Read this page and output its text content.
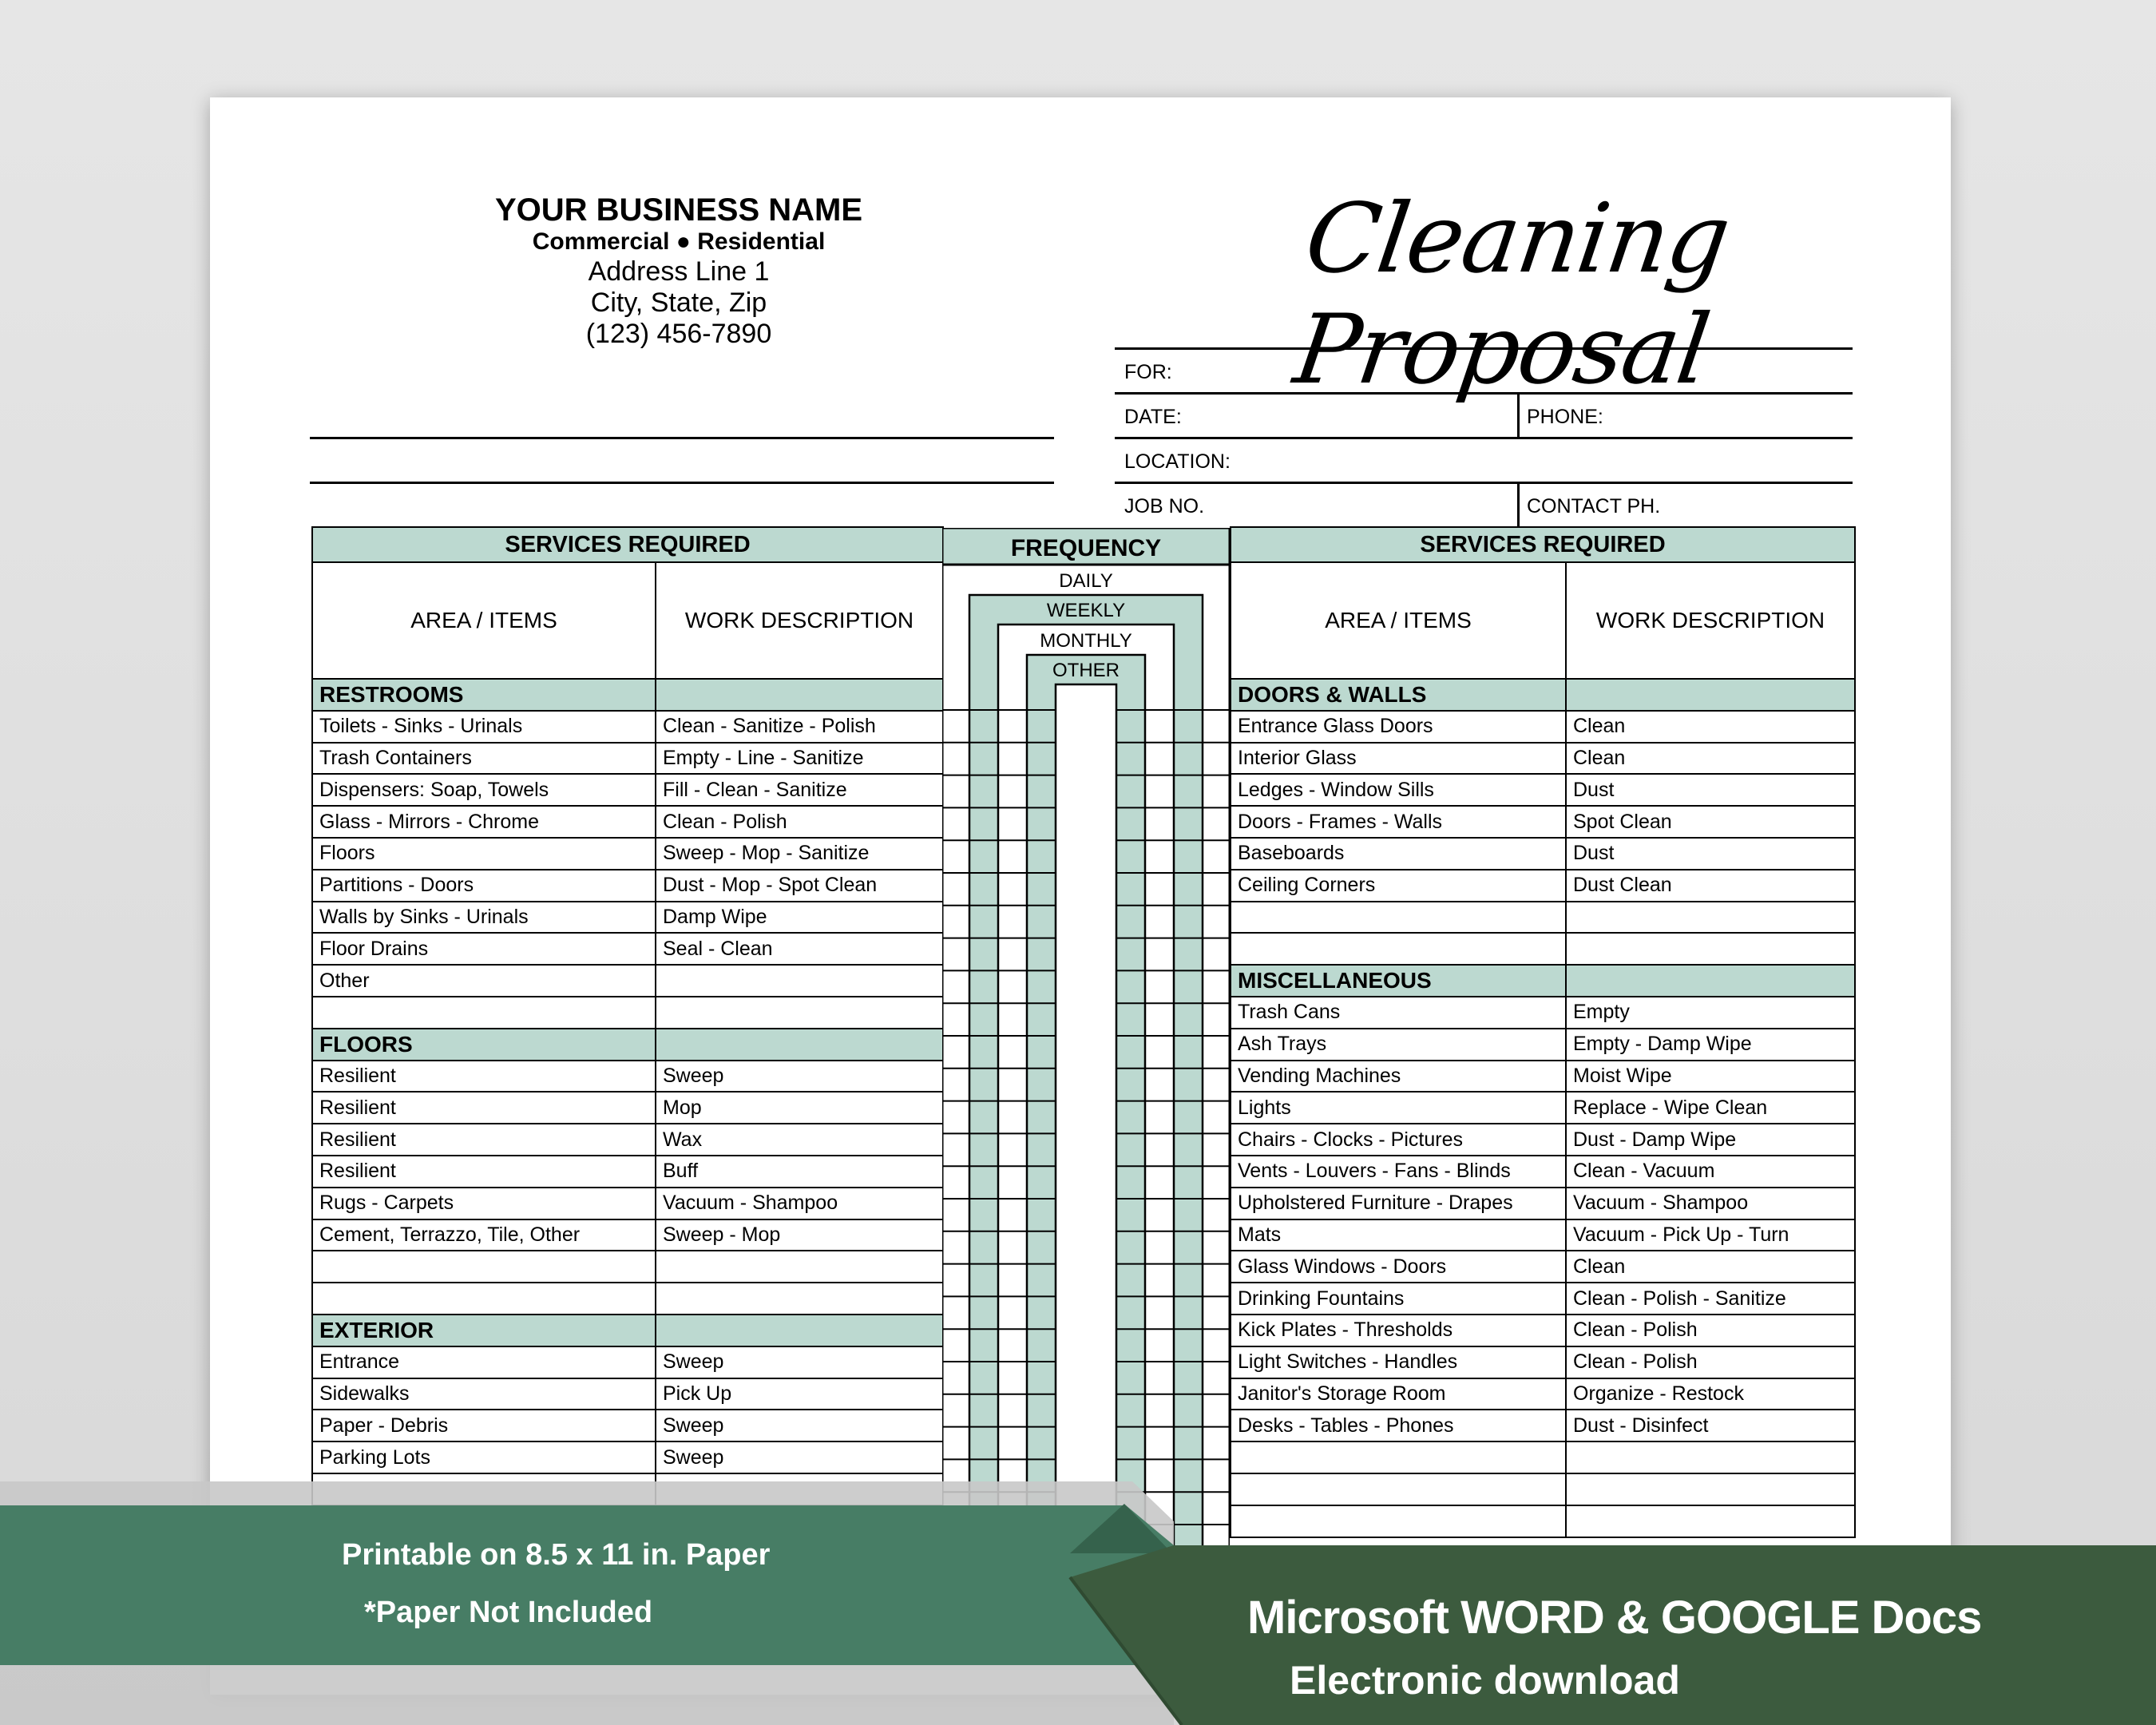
YOUR BUSINESS NAME
Commercial ● Residential
Address Line 1
City, State, Zip
(123) 456-7890
Cleaning Proposal
FOR:
DATE:	PHONE:
LOCATION:
JOB NO.	CONTACT PH.
SERVICES REQUIRED	
AREA / ITEMS	WORK DESCRIPTION
RESTROOMS	
Toilets - Sinks - Urinals	Clean - Sanitize - Polish
Trash Containers	Empty - Line - Sanitize
Dispensers: Soap, Towels	Fill - Clean - Sanitize
Glass - Mirrors - Chrome	Clean - Polish
Floors	Sweep - Mop - Sanitize
Partitions - Doors	Dust - Mop - Spot Clean
Walls by Sinks - Urinals	Damp Wipe
Floor Drains	Seal - Clean
Other	

FLOORS	
Resilient	Sweep
Resilient	Mop
Resilient	Wax
Resilient	Buff
Rugs - Carpets	Vacuum - Shampoo
Cement, Terrazzo, Tile, Other	Sweep - Mop

EXTERIOR	
Entrance	Sweep
Sidewalks	Pick Up
Paper - Debris	Sweep
Parking Lots	Sweep

FREQUENCY
DAILY
WEEKLY
MONTHLY
OTHER
SERVICES REQUIRED	
AREA / ITEMS	WORK DESCRIPTION
DOORS & WALLS	
Entrance Glass Doors	Clean
Interior Glass	Clean
Ledges - Window Sills	Dust
Doors - Frames - Walls	Spot Clean
Baseboards	Dust
Ceiling Corners	Dust Clean

MISCELLANEOUS	
Trash Cans	Empty
Ash Trays	Empty - Damp Wipe
Vending Machines	Moist Wipe
Lights	Replace - Wipe Clean
Chairs - Clocks - Pictures	Dust - Damp Wipe
Vents - Louvers - Fans - Blinds	Clean - Vacuum
Upholstered Furniture - Drapes	Vacuum - Shampoo
Mats	Vacuum - Pick Up - Turn
Glass Windows - Doors	Clean
Drinking Fountains	Clean - Polish - Sanitize
Kick Plates - Thresholds	Clean - Polish
Light Switches - Handles	Clean - Polish
Janitor's Storage Room	Organize - Restock
Desks - Tables - Phones	Dust - Disinfect

Printable on 8.5 x 11 in. Paper
*Paper Not Included	Microsoft WORD & GOOGLE Docs
Electronic download
